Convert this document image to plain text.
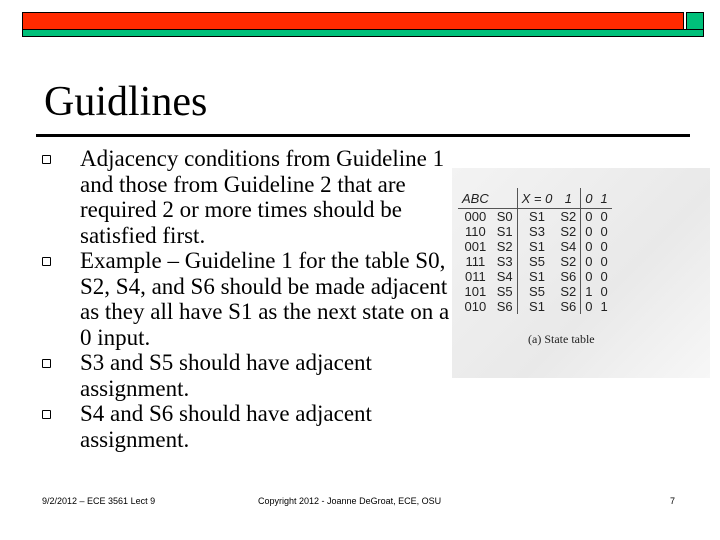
Guidlines
Adjacency conditions from Guideline 1 and those from Guideline 2 that are required 2 or more times should be satisfied first.
Example – Guideline 1 for the table S0, S2, S4, and S6 should be made adjacent as they all have S1 as the next state on a 0 input.
S3 and S5 should have adjacent assignment.
S4 and S6 should have adjacent assignment.
ABC		X = 0	1	0	1
000	S0	S1	S2	0	0
110	S1	S3	S2	0	0
001	S2	S1	S4	0	0
111	S3	S5	S2	0	0
011	S4	S1	S6	0	0
101	S5	S5	S2	1	0
010	S6	S1	S6	0	1
(a) State table
9/2/2012 – ECE 3561 Lect 9	Copyright 2012 - Joanne DeGroat, ECE, OSU	7
